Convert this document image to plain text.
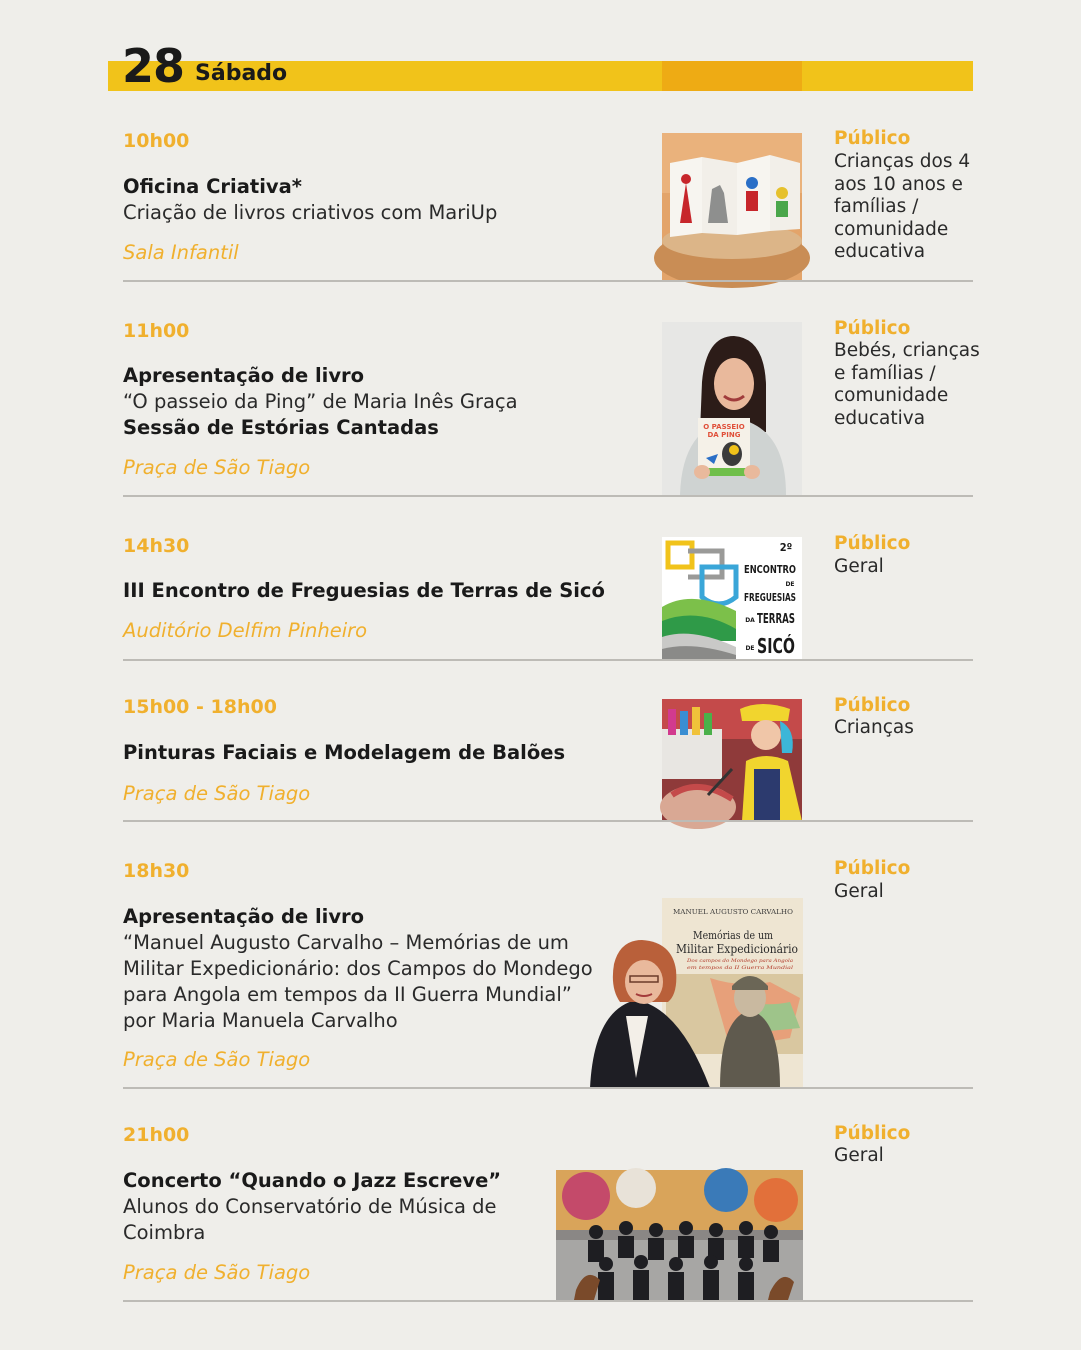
28 Sábado
10h00
Oficina Criativa*
Criação de livros criativos com MariUp
Sala Infantil
Público
Crianças dos 4 aos 10 anos e famílias / comunidade educativa
11h00
Apresentação de livro
“O passeio da Ping” de Maria Inês Graça
Sessão de Estórias Cantadas
Praça de São Tiago
O PASSEIO
DA PING
Público
Bebés, crianças e famílias / comunidade educativa
14h30
III Encontro de Freguesias de Terras de Sicó
Auditório Delfim Pinheiro
2º
ENCONTRO
DE
FREGUESIAS
DA TERRAS
DE SICÓ
Público
Geral
15h00 - 18h00
Pinturas Faciais e Modelagem de Balões
Praça de São Tiago
Público
Crianças
18h30
Apresentação de livro
“Manuel Augusto Carvalho – Memórias de um Militar Expedicionário: dos Campos do Mondego para Angola em tempos da II Guerra Mundial” por Maria Manuela Carvalho
Praça de São Tiago
MANUEL AUGUSTO CARVALHO
Memórias de um
Militar Expedicionário
Dos campos do Mondego para Angola
em tempos da II Guerra Mundial
Público
Geral
21h00
Concerto “Quando o Jazz Escreve”
Alunos do Conservatório de Música de Coimbra
Praça de São Tiago
Público
Geral
